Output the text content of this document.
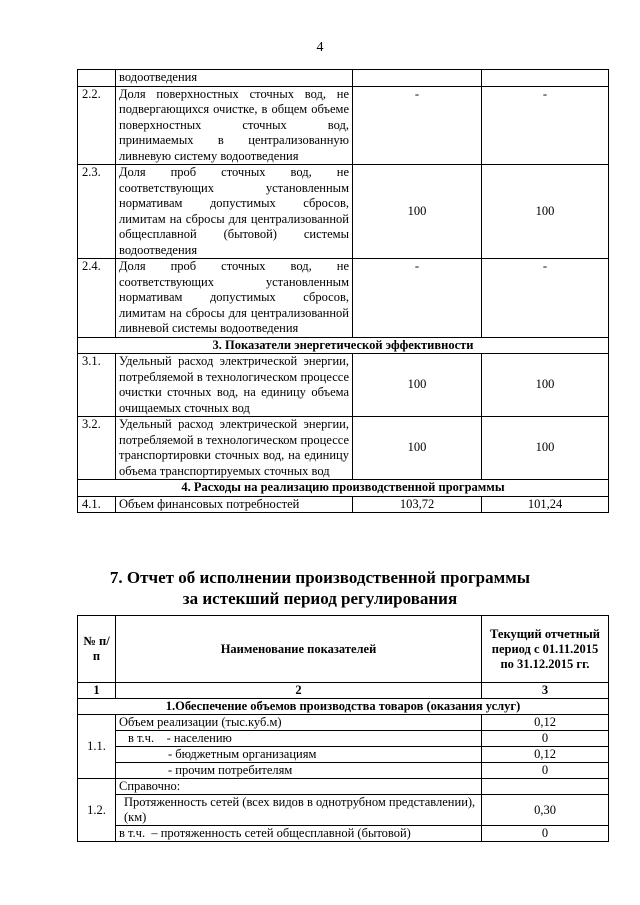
4
	водоотведения		
2.2.	Доля поверхностных сточных вод, не подвергающихся очистке, в общем объеме поверхностных сточных вод, принимаемых в централизованную ливневую систему водоотведения	-	-
2.3.	Доля проб сточных вод, не соответствующих установленным нормативам допустимых сбросов, лимитам на сбросы для централизованной общесплавной (бытовой) системы водоотведения	100	100
2.4.	Доля проб сточных вод, не соответствующих установленным нормативам допустимых сбросов, лимитам на сбросы для централизованной ливневой системы водоотведения	-	-
3. Показатели энергетической эффективности			
3.1.	Удельный расход электрической энергии, потребляемой в технологическом процессе очистки сточных вод, на единицу объема очищаемых сточных вод	100	100
3.2.	Удельный расход электрической энергии, потребляемой в технологическом процессе транспортировки сточных вод, на единицу объема транспортируемых сточных вод	100	100
4. Расходы на реализацию производственной программы			
4.1.	Объем финансовых потребностей	103,72	101,24
7. Отчет об исполнении производственной программы
за истекший период регулирования
№ п/п	Наименование показателей	Текущий отчетный период с 01.11.2015 по 31.12.2015 гг.
1	2	3
1.Обеспечение объемов производства товаров (оказания услуг)		
1.1.	Объем реализации (тыс.куб.м)	0,12
	в т.ч.    - населению	0
	- бюджетным организациям	0,12
	- прочим потребителям	0
1.2.	Справочно:	
	Протяженность сетей (всех видов в однотрубном представлении), (км)	0,30
	в т.ч.  – протяженность сетей общесплавной (бытовой)	0
